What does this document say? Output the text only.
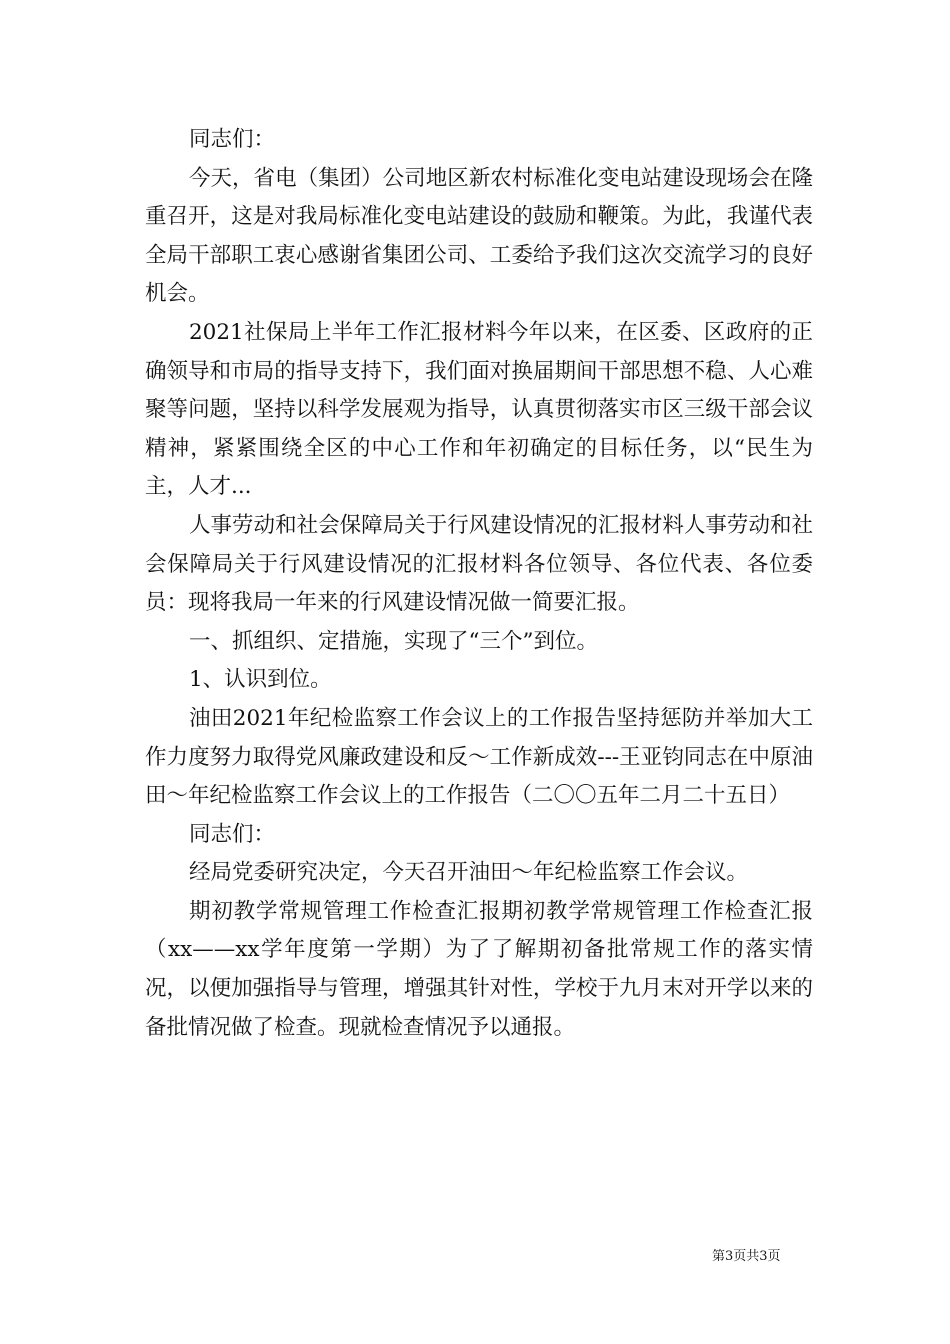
同志们：

今天，省电（集团）公司地区新农村标准化变电站建设现场会在隆重召开，这是对我局标准化变电站建设的鼓励和鞭策。为此，我谨代表全局干部职工衷心感谢省集团公司、工委给予我们这次交流学习的良好机会。

2021社保局上半年工作汇报材料今年以来，在区委、区政府的正确领导和市局的指导支持下，我们面对换届期间干部思想不稳、人心难聚等问题，坚持以科学发展观为指导，认真贯彻落实市区三级干部会议精神，紧紧围绕全区的中心工作和年初确定的目标任务，以“民生为主，人才...

人事劳动和社会保障局关于行风建设情况的汇报材料人事劳动和社会保障局关于行风建设情况的汇报材料各位领导、各位代表、各位委员：现将我局一年来的行风建设情况做一简要汇报。

一、抓组织、定措施，实现了“三个”到位。

1、认识到位。

油田2021年纪检监察工作会议上的工作报告坚持惩防并举加大工作力度努力取得党风廉政建设和反～工作新成效---王亚钧同志在中原油田～年纪检监察工作会议上的工作报告（二〇〇五年二月二十五日）

同志们：

经局党委研究决定，今天召开油田～年纪检监察工作会议。

期初教学常规管理工作检查汇报期初教学常规管理工作检查汇报（xx——xx学年度第一学期）为了了解期初备批常规工作的落实情况，以便加强指导与管理，增强其针对性，学校于九月末对开学以来的备批情况做了检查。现就检查情况予以通报。

第3页共3页
